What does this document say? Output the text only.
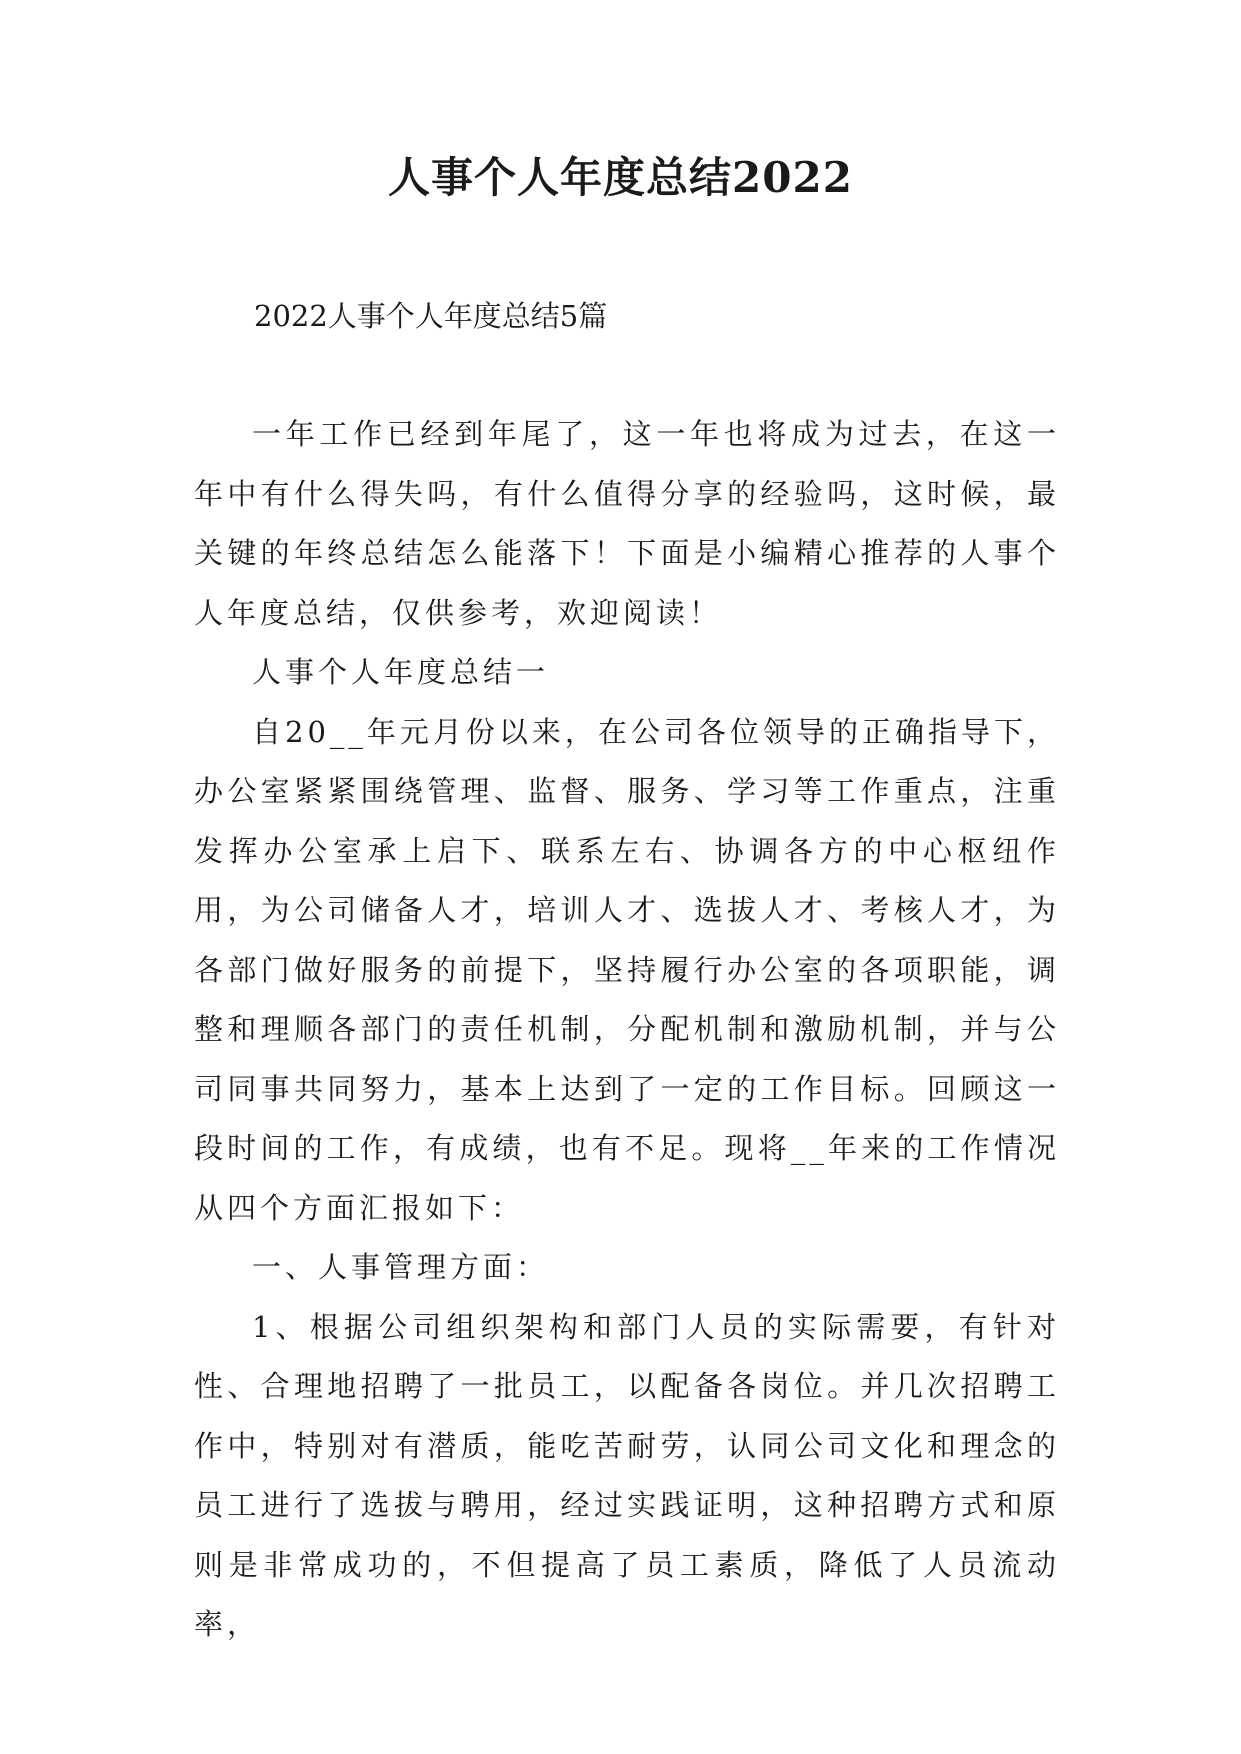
人事个人年度总结2022
2022人事个人年度总结5篇

一年工作已经到年尾了，这一年也将成为过去，在这一年中有什么得失吗，有什么值得分享的经验吗，这时候，最关键的年终总结怎么能落下！下面是小编精心推荐的人事个人年度总结，仅供参考，欢迎阅读！

人事个人年度总结一

自20__年元月份以来，在公司各位领导的正确指导下，办公室紧紧围绕管理、监督、服务、学习等工作重点，注重发挥办公室承上启下、联系左右、协调各方的中心枢纽作用，为公司储备人才，培训人才、选拔人才、考核人才，为各部门做好服务的前提下，坚持履行办公室的各项职能，调整和理顺各部门的责任机制，分配机制和激励机制，并与公司同事共同努力，基本上达到了一定的工作目标。回顾这一段时间的工作，有成绩，也有不足。现将__年来的工作情况从四个方面汇报如下：

一、人事管理方面：

1、根据公司组织架构和部门人员的实际需要，有针对性、合理地招聘了一批员工，以配备各岗位。并几次招聘工作中，特别对有潜质，能吃苦耐劳，认同公司文化和理念的员工进行了选拔与聘用，经过实践证明，这种招聘方式和原则是非常成功的，不但提高了员工素质，降低了人员流动率，
